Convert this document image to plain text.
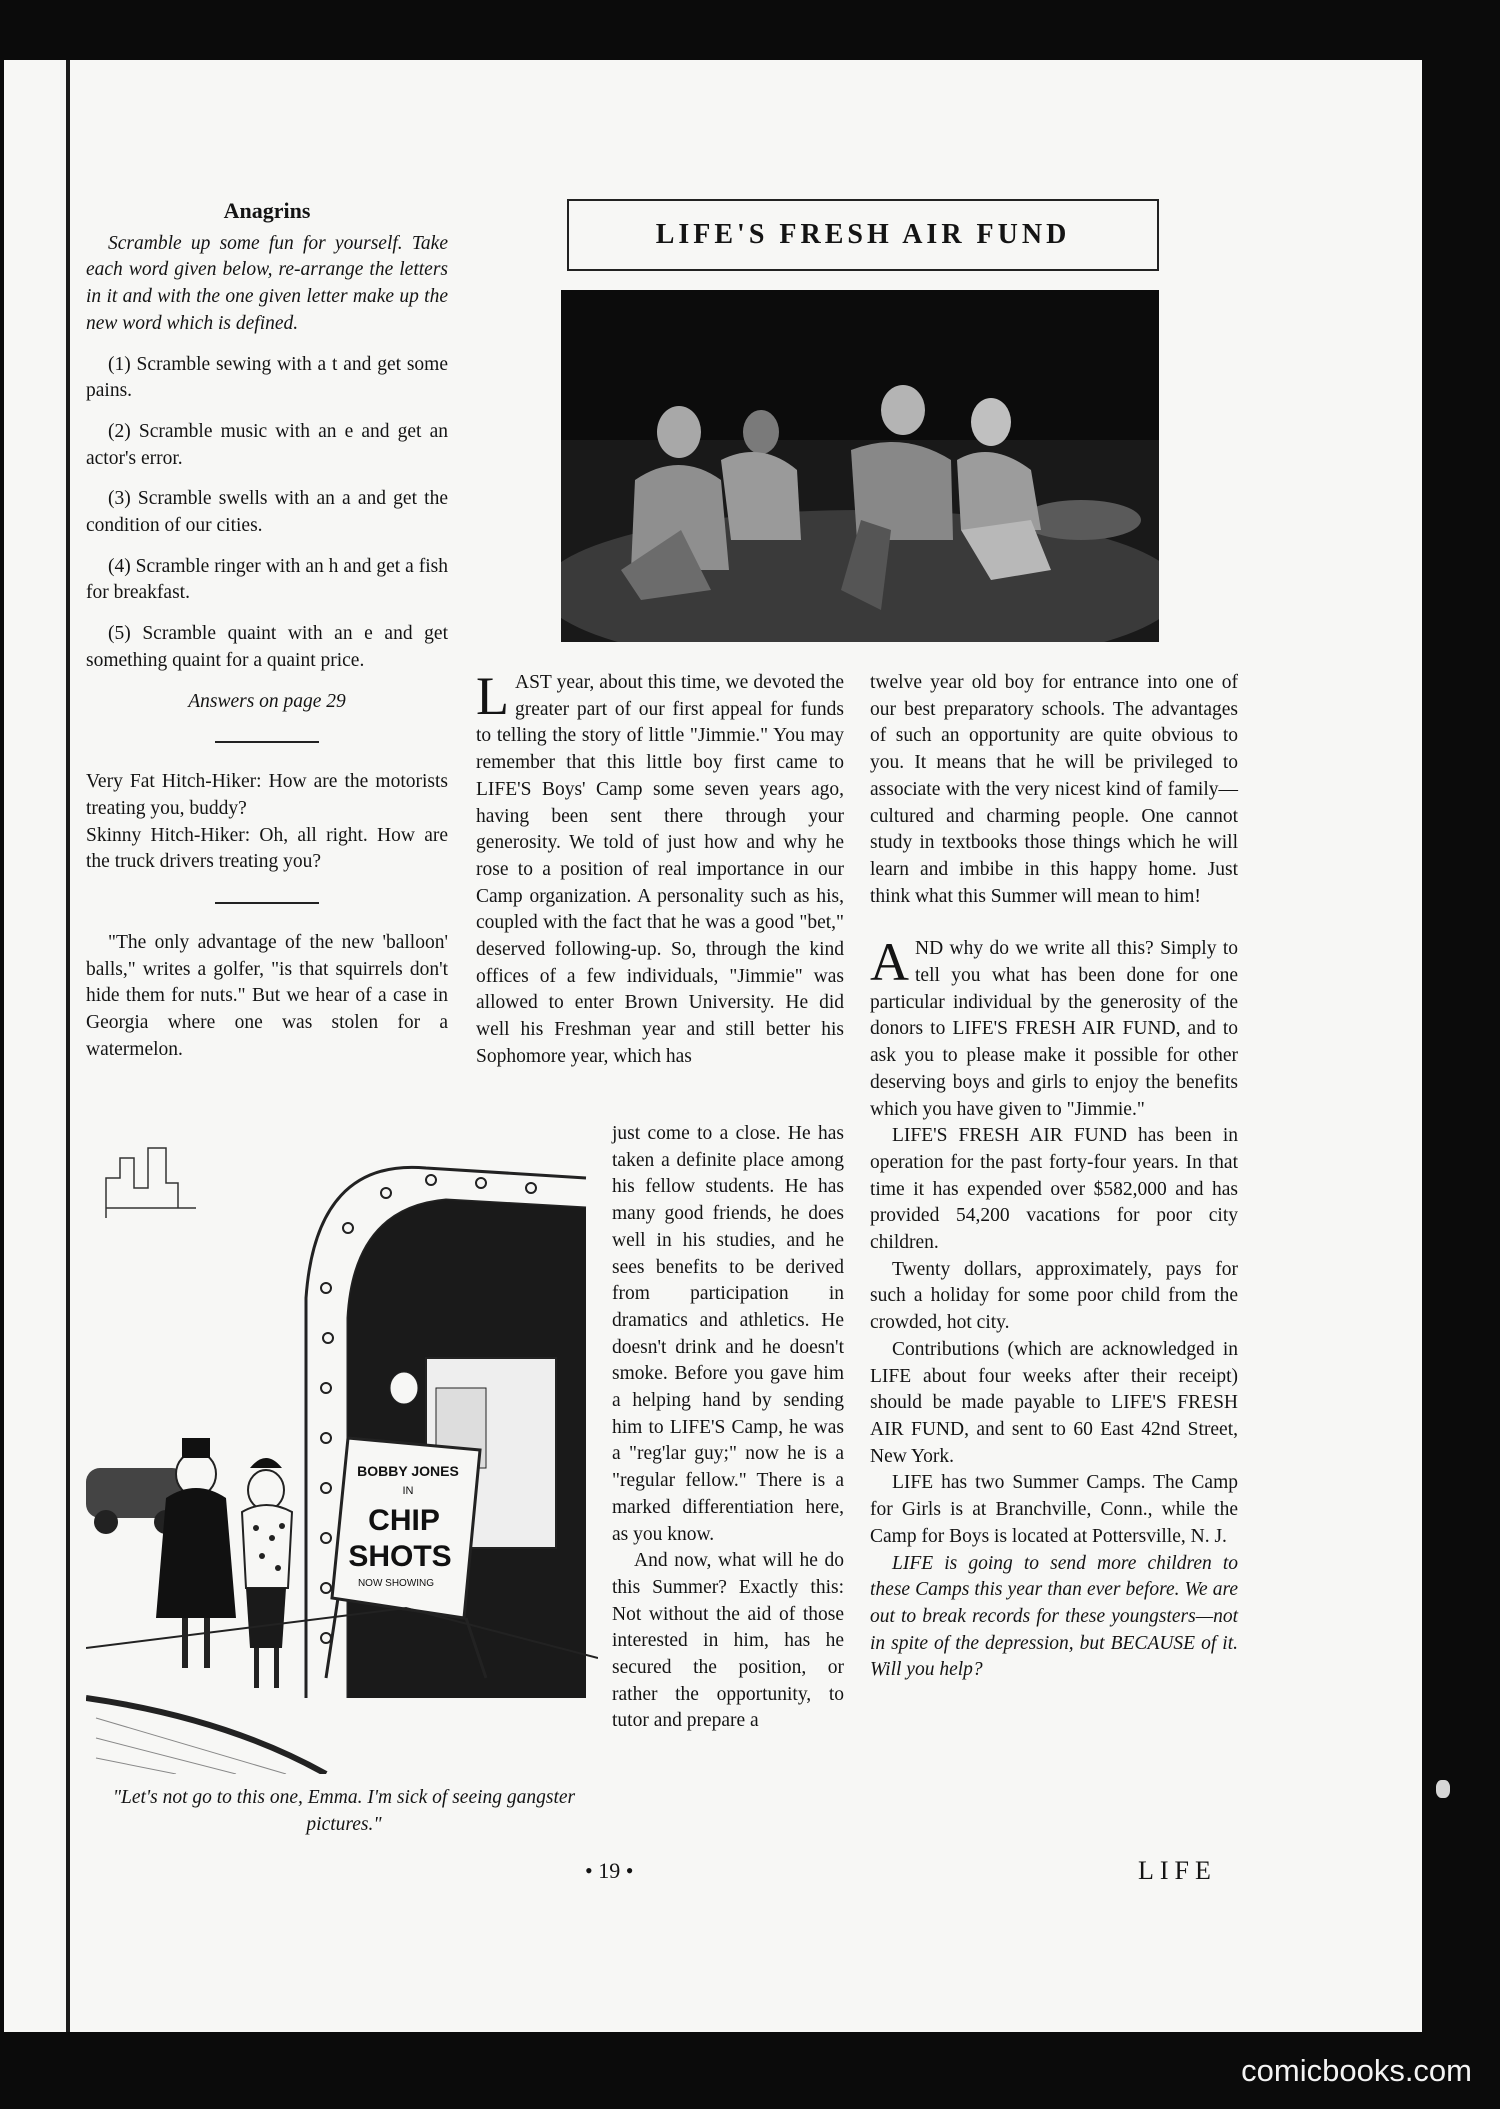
Anagrins

Scramble up some fun for yourself. Take each word given below, re-arrange the letters in it and with the one given letter make up the new word which is defined.

(1) Scramble sewing with a t and get some pains.

(2) Scramble music with an e and get an actor's error.

(3) Scramble swells with an a and get the condition of our cities.

(4) Scramble ringer with an h and get a fish for breakfast.

(5) Scramble quaint with an e and get something quaint for a quaint price.

Answers on page 29

Very Fat Hitch-Hiker: How are the motorists treating you, buddy?

Skinny Hitch-Hiker: Oh, all right. How are the truck drivers treating you?

"The only advantage of the new 'balloon' balls," writes a golfer, "is that squirrels don't hide them for nuts." But we hear of a case in Georgia where one was stolen for a watermelon.

BOBBY JONES
IN
CHIP
SHOTS
NOW SHOWING
"Let's not go to this one, Emma. I'm sick of seeing gangster pictures."
LIFE'S FRESH AIR FUND

LAST year, about this time, we devoted the greater part of our first appeal for funds to telling the story of little "Jimmie." You may remember that this little boy first came to LIFE'S Boys' Camp some seven years ago, having been sent there through your generosity. We told of just how and why he rose to a position of real importance in our Camp organization. A personality such as his, coupled with the fact that he was a good "bet," deserved following-up. So, through the kind offices of a few individuals, "Jimmie" was allowed to enter Brown University. He did well his Freshman year and still better his Sophomore year, which has

just come to a close. He has taken a definite place among his fellow students. He has many good friends, he does well in his studies, and he sees benefits to be derived from participation in dramatics and athletics. He doesn't drink and he doesn't smoke. Before you gave him a helping hand by sending him to LIFE'S Camp, he was a "reg'lar guy;" now he is a "regular fellow." There is a marked differentiation here, as you know.

And now, what will he do this Summer? Exactly this: Not without the aid of those interested in him, has he secured the position, or rather the opportunity, to tutor and prepare a

twelve year old boy for entrance into one of our best preparatory schools. The advantages of such an opportunity are quite obvious to you. It means that he will be privileged to associate with the very nicest kind of family—cultured and charming people. One cannot study in textbooks those things which he will learn and imbibe in this happy home. Just think what this Summer will mean to him!

AND why do we write all this? Simply to tell you what has been done for one particular individual by the generosity of the donors to LIFE'S FRESH AIR FUND, and to ask you to please make it possible for other deserving boys and girls to enjoy the benefits which you have given to "Jimmie."

LIFE'S FRESH AIR FUND has been in operation for the past forty-four years. In that time it has expended over $582,000 and has provided 54,200 vacations for poor city children.

Twenty dollars, approximately, pays for such a holiday for some poor child from the crowded, hot city.

Contributions (which are acknowledged in LIFE about four weeks after their receipt) should be made payable to LIFE'S FRESH AIR FUND, and sent to 60 East 42nd Street, New York.

LIFE has two Summer Camps. The Camp for Girls is at Branchville, Conn., while the Camp for Boys is located at Pottersville, N. J.

LIFE is going to send more children to these Camps this year than ever before. We are out to break records for these youngsters—not in spite of the depression, but BECAUSE of it. Will you help?

• 19 •	LIFE
comicbooks.com
